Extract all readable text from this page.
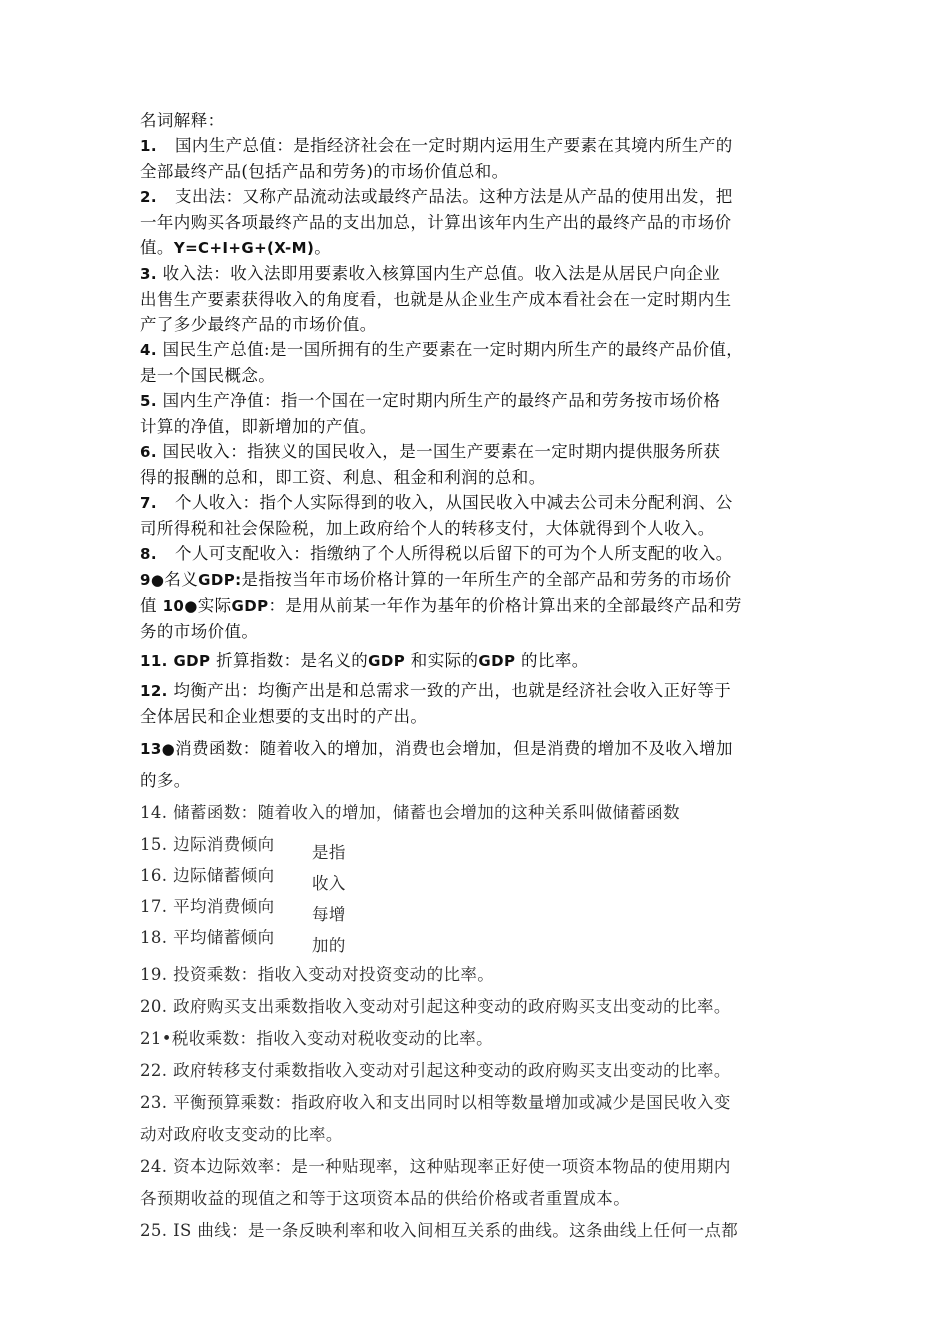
名词解释：
1. 国内生产总值：是指经济社会在一定时期内运用生产要素在其境内所生产的
全部最终产品(包括产品和劳务)的市场价值总和。
2. 支出法：又称产品流动法或最终产品法。这种方法是从产品的使用出发，把
一年内购买各项最终产品的支出加总，计算出该年内生产出的最终产品的市场价
值。Y=C+I+G+(X-M)。
3. 收入法：收入法即用要素收入核算国内生产总值。收入法是从居民户向企业
出售生产要素获得收入的角度看，也就是从企业生产成本看社会在一定时期内生
产了多少最终产品的市场价值。
4. 国民生产总值:是一国所拥有的生产要素在一定时期内所生产的最终产品价值，
是一个国民概念。
5. 国内生产净值：指一个国在一定时期内所生产的最终产品和劳务按市场价格
计算的净值，即新增加的产值。
6. 国民收入：指狭义的国民收入，是一国生产要素在一定时期内提供服务所获
得的报酬的总和，即工资、利息、租金和利润的总和。
7. 个人收入：指个人实际得到的收入，从国民收入中减去公司未分配利润、公
司所得税和社会保险税，加上政府给个人的转移支付，大体就得到个人收入。
8. 个人可支配收入：指缴纳了个人所得税以后留下的可为个人所支配的收入。
9●名义GDP:是指按当年市场价格计算的一年所生产的全部产品和劳务的市场价
值 10●实际GDP：是用从前某一年作为基年的价格计算出来的全部最终产品和劳
务的市场价值。
11. GDP 折算指数：是名义的GDP 和实际的GDP 的比率。
12. 均衡产出：均衡产出是和总需求一致的产出，也就是经济社会收入正好等于
全体居民和企业想要的支出时的产出。
13●消费函数：随着收入的增加，消费也会增加，但是消费的增加不及收入增加
的多。
14. 储蓄函数：随着收入的增加，储蓄也会增加的这种关系叫做储蓄函数
15. 边际消费倾向 是指
16. 边际储蓄倾向 收入
17. 平均消费倾向 每增
18. 平均储蓄倾向 加的
19. 投资乘数：指收入变动对投资变动的比率。
20. 政府购买支出乘数指收入变动对引起这种变动的政府购买支出变动的比率。
21•税收乘数：指收入变动对税收变动的比率。
22. 政府转移支付乘数指收入变动对引起这种变动的政府购买支出变动的比率。
23. 平衡预算乘数：指政府收入和支出同时以相等数量增加或减少是国民收入变
动对政府收支变动的比率。
24. 资本边际效率：是一种贴现率，这种贴现率正好使一项资本物品的使用期内
各预期收益的现值之和等于这项资本品的供给价格或者重置成本。
25. IS 曲线：是一条反映利率和收入间相互关系的曲线。这条曲线上任何一点都
